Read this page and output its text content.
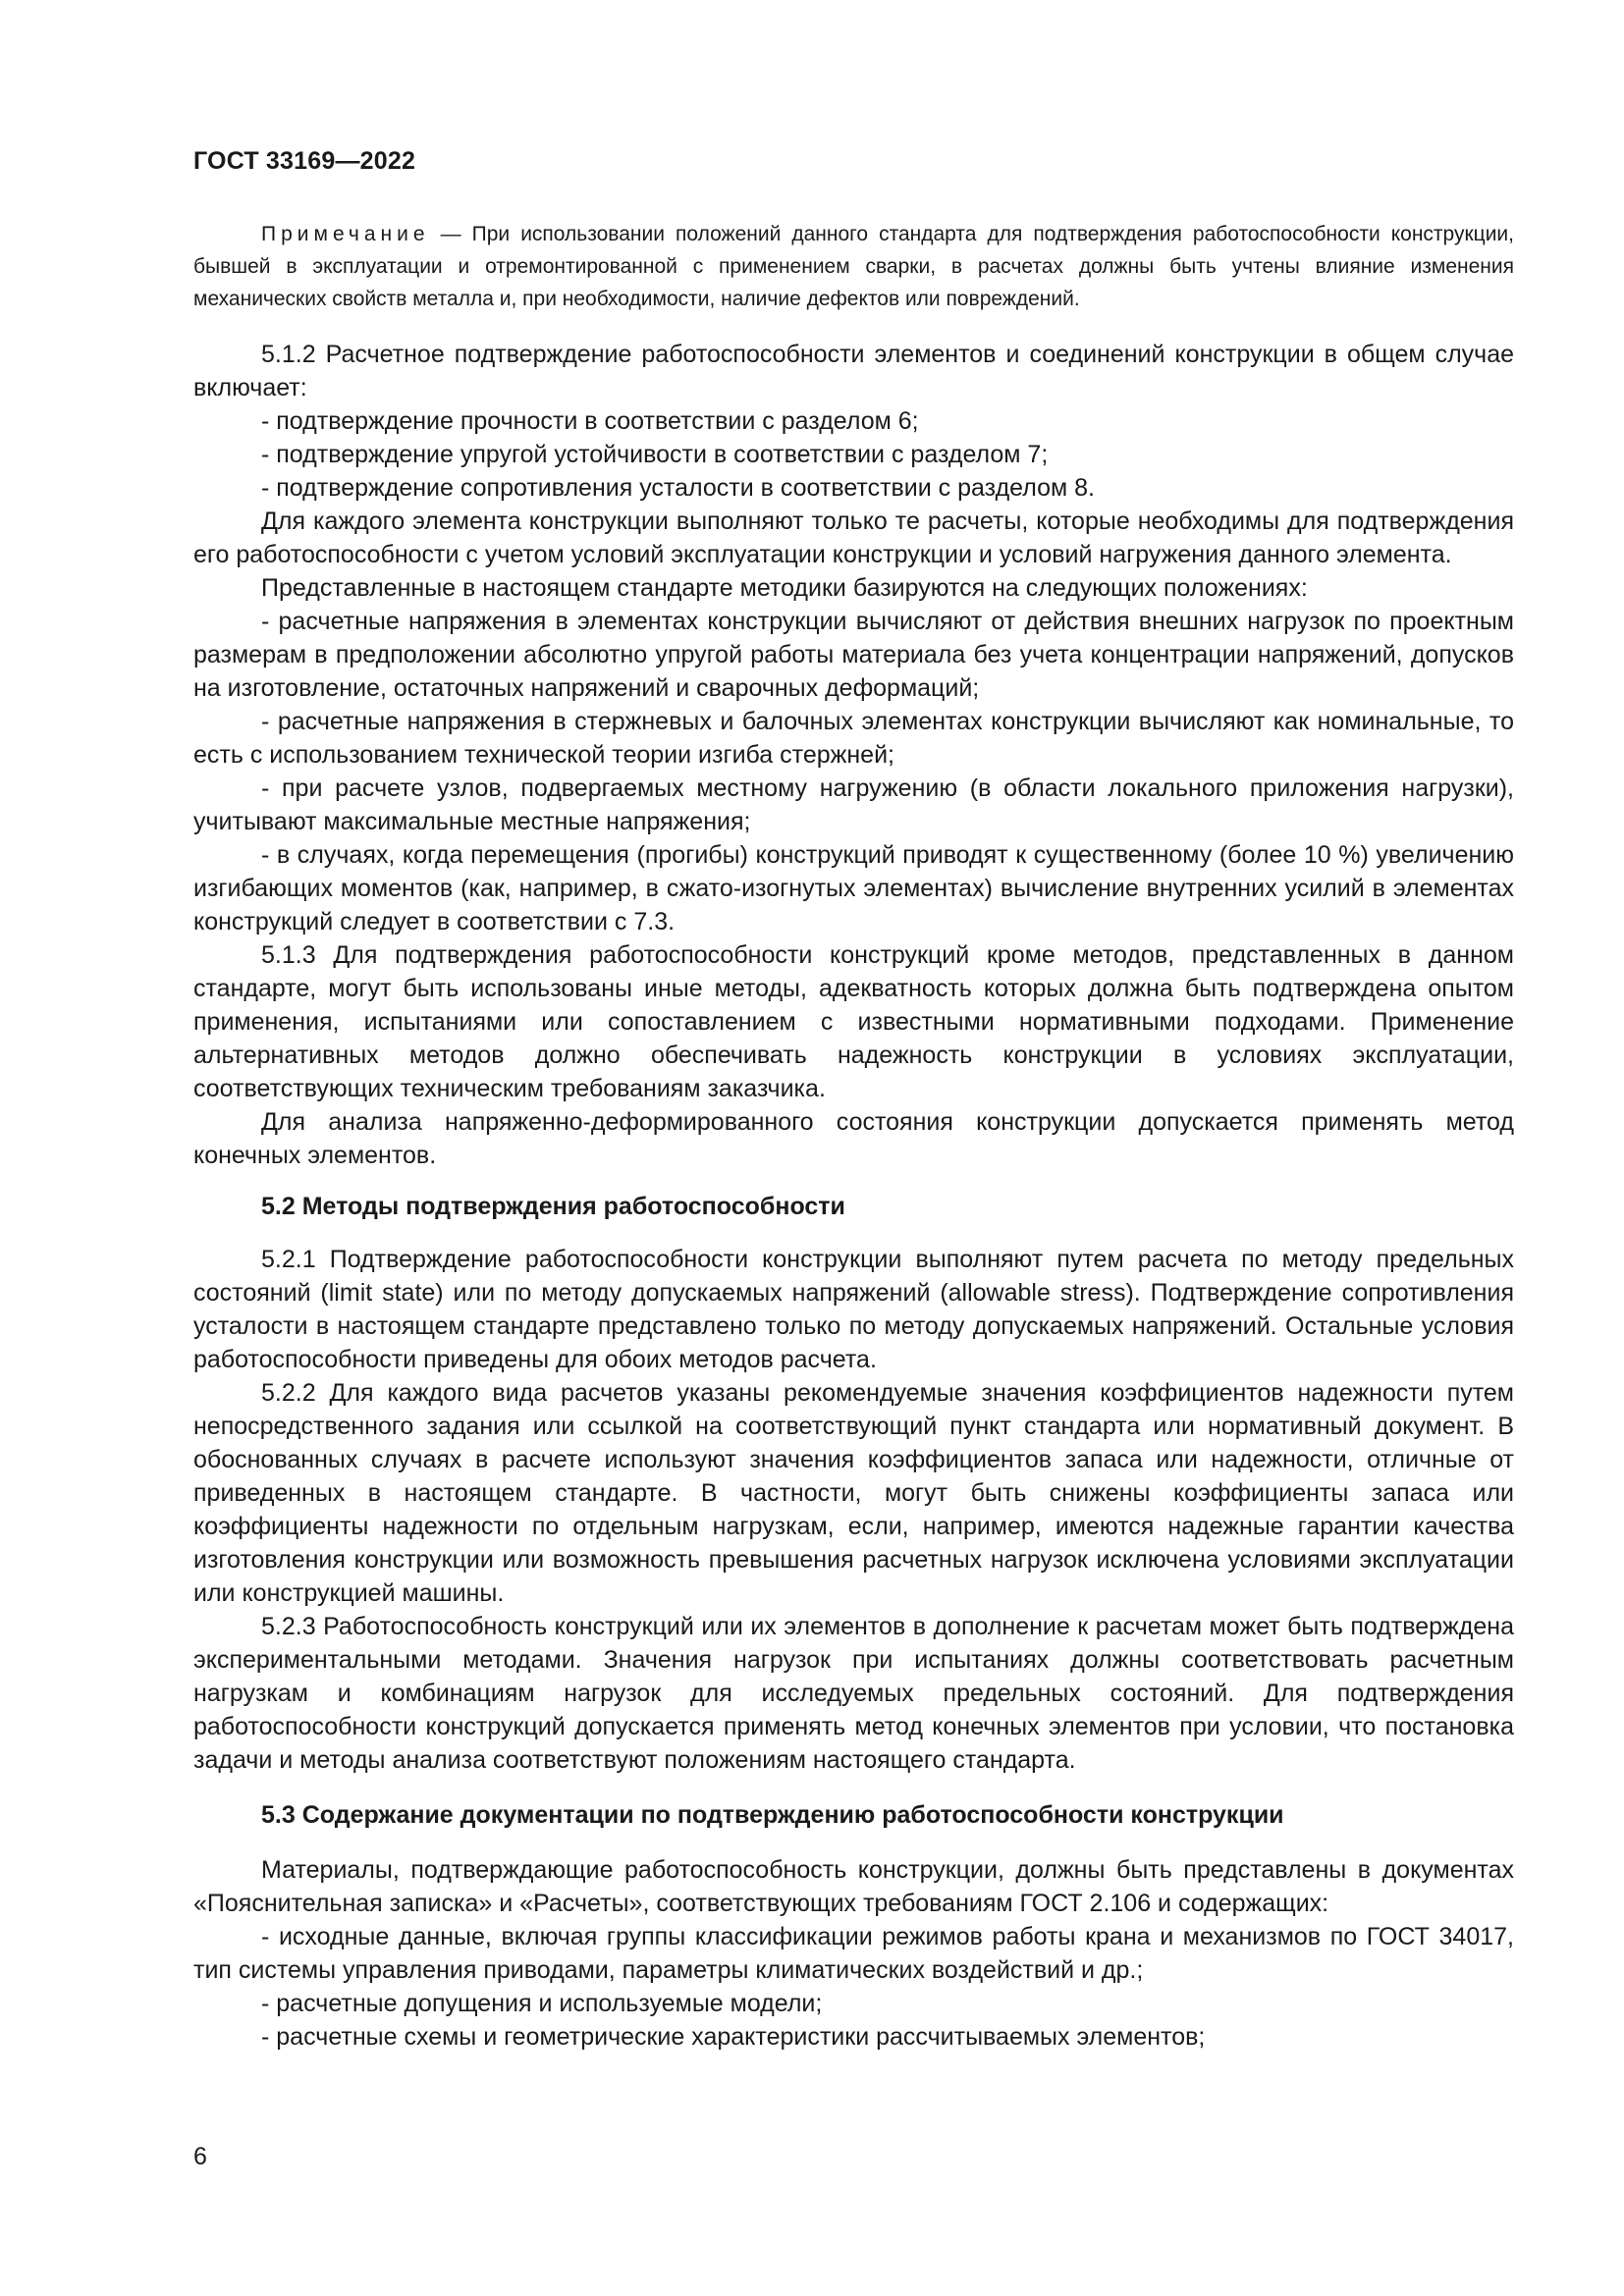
ГОСТ 33169—2022

Примечание — При использовании положений данного стандарта для подтверждения работоспособности конструкции, бывшей в эксплуатации и отремонтированной с применением сварки, в расчетах должны быть учтены влияние изменения механических свойств металла и, при необходимости, наличие дефектов или повреждений.

5.1.2 Расчетное подтверждение работоспособности элементов и соединений конструкции в общем случае включает:

- подтверждение прочности в соответствии с разделом 6;

- подтверждение упругой устойчивости в соответствии с разделом 7;

- подтверждение сопротивления усталости в соответствии с разделом 8.

Для каждого элемента конструкции выполняют только те расчеты, которые необходимы для подтверждения его работоспособности с учетом условий эксплуатации конструкции и условий нагружения данного элемента.

Представленные в настоящем стандарте методики базируются на следующих положениях:

- расчетные напряжения в элементах конструкции вычисляют от действия внешних нагрузок по проектным размерам в предположении абсолютно упругой работы материала без учета концентрации напряжений, допусков на изготовление, остаточных напряжений и сварочных деформаций;

- расчетные напряжения в стержневых и балочных элементах конструкции вычисляют как номинальные, то есть с использованием технической теории изгиба стержней;

- при расчете узлов, подвергаемых местному нагружению (в области локального приложения нагрузки), учитывают максимальные местные напряжения;

- в случаях, когда перемещения (прогибы) конструкций приводят к существенному (более 10 %) увеличению изгибающих моментов (как, например, в сжато-изогнутых элементах) вычисление внутренних усилий в элементах конструкций следует в соответствии с 7.3.

5.1.3 Для подтверждения работоспособности конструкций кроме методов, представленных в данном стандарте, могут быть использованы иные методы, адекватность которых должна быть подтверждена опытом применения, испытаниями или сопоставлением с известными нормативными подходами. Применение альтернативных методов должно обеспечивать надежность конструкции в условиях эксплуатации, соответствующих техническим требованиям заказчика.

Для анализа напряженно-деформированного состояния конструкции допускается применять метод конечных элементов.

5.2 Методы подтверждения работоспособности

5.2.1 Подтверждение работоспособности конструкции выполняют путем расчета по методу предельных состояний (limit state) или по методу допускаемых напряжений (allowable stress). Подтверждение сопротивления усталости в настоящем стандарте представлено только по методу допускаемых напряжений. Остальные условия работоспособности приведены для обоих методов расчета.

5.2.2 Для каждого вида расчетов указаны рекомендуемые значения коэффициентов надежности путем непосредственного задания или ссылкой на соответствующий пункт стандарта или нормативный документ. В обоснованных случаях в расчете используют значения коэффициентов запаса или надежности, отличные от приведенных в настоящем стандарте. В частности, могут быть снижены коэффициенты запаса или коэффициенты надежности по отдельным нагрузкам, если, например, имеются надежные гарантии качества изготовления конструкции или возможность превышения расчетных нагрузок исключена условиями эксплуатации или конструкцией машины.

5.2.3 Работоспособность конструкций или их элементов в дополнение к расчетам может быть подтверждена экспериментальными методами. Значения нагрузок при испытаниях должны соответствовать расчетным нагрузкам и комбинациям нагрузок для исследуемых предельных состояний. Для подтверждения работоспособности конструкций допускается применять метод конечных элементов при условии, что постановка задачи и методы анализа соответствуют положениям настоящего стандарта.

5.3 Содержание документации по подтверждению работоспособности конструкции

Материалы, подтверждающие работоспособность конструкции, должны быть представлены в документах «Пояснительная записка» и «Расчеты», соответствующих требованиям ГОСТ 2.106 и содержащих:

- исходные данные, включая группы классификации режимов работы крана и механизмов по ГОСТ 34017, тип системы управления приводами, параметры климатических воздействий и др.;

- расчетные допущения и используемые модели;

- расчетные схемы и геометрические характеристики рассчитываемых элементов;

6
